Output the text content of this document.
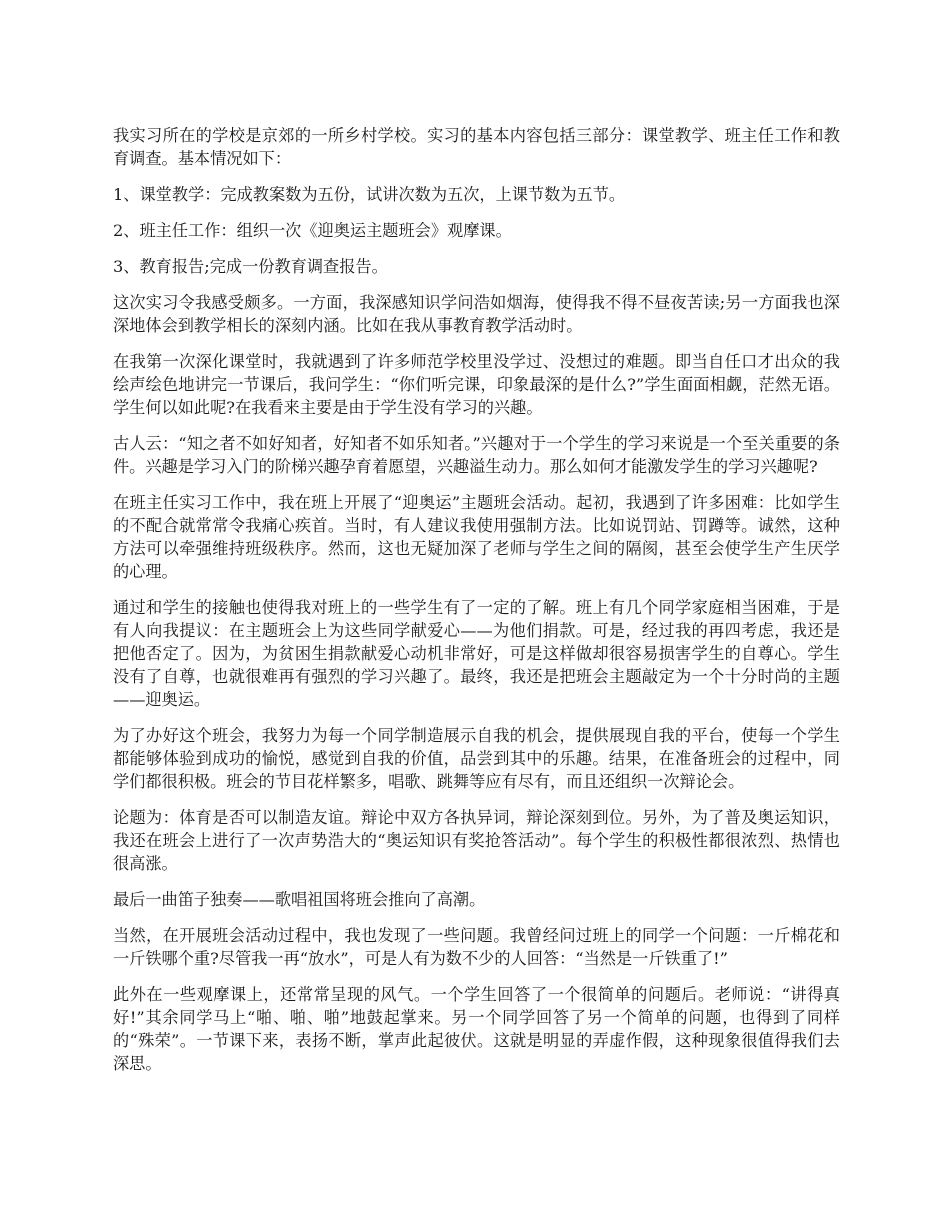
我实习所在的学校是京郊的一所乡村学校。实习的基本内容包括三部分：课堂教学、班主任工作和教育调查。基本情况如下：

1、课堂教学：完成教案数为五份，试讲次数为五次，上课节数为五节。

2、班主任工作：组织一次《迎奥运主题班会》观摩课。

3、教育报告;完成一份教育调查报告。

这次实习令我感受颇多。一方面，我深感知识学问浩如烟海，使得我不得不昼夜苦读;另一方面我也深深地体会到教学相长的深刻内涵。比如在我从事教育教学活动时。

在我第一次深化课堂时，我就遇到了许多师范学校里没学过、没想过的难题。即当自任口才出众的我绘声绘色地讲完一节课后，我问学生：“你们听完课，印象最深的是什么?”学生面面相觑，茫然无语。学生何以如此呢?在我看来主要是由于学生没有学习的兴趣。

古人云：“知之者不如好知者，好知者不如乐知者。”兴趣对于一个学生的学习来说是一个至关重要的条件。兴趣是学习入门的阶梯兴趣孕育着愿望，兴趣溢生动力。那么如何才能激发学生的学习兴趣呢?

在班主任实习工作中，我在班上开展了“迎奥运”主题班会活动。起初，我遇到了许多困难：比如学生的不配合就常常令我痛心疾首。当时，有人建议我使用强制方法。比如说罚站、罚蹲等。诚然，这种方法可以牵强维持班级秩序。然而，这也无疑加深了老师与学生之间的隔阂，甚至会使学生产生厌学的心理。

通过和学生的接触也使得我对班上的一些学生有了一定的了解。班上有几个同学家庭相当困难，于是有人向我提议：在主题班会上为这些同学献爱心——为他们捐款。可是，经过我的再四考虑，我还是把他否定了。因为，为贫困生捐款献爱心动机非常好，可是这样做却很容易损害学生的自尊心。学生没有了自尊，也就很难再有强烈的学习兴趣了。最终，我还是把班会主题敲定为一个十分时尚的主题——迎奥运。

为了办好这个班会，我努力为每一个同学制造展示自我的机会，提供展现自我的平台，使每一个学生都能够体验到成功的愉悦，感觉到自我的价值，品尝到其中的乐趣。结果，在准备班会的过程中，同学们都很积极。班会的节目花样繁多，唱歌、跳舞等应有尽有，而且还组织一次辩论会。

论题为：体育是否可以制造友谊。辩论中双方各执异词，辩论深刻到位。另外，为了普及奥运知识，我还在班会上进行了一次声势浩大的“奥运知识有奖抢答活动”。每个学生的积极性都很浓烈、热情也很高涨。

最后一曲笛子独奏——歌唱祖国将班会推向了高潮。

当然，在开展班会活动过程中，我也发现了一些问题。我曾经问过班上的同学一个问题：一斤棉花和一斤铁哪个重?尽管我一再“放水”，可是人有为数不少的人回答：“当然是一斤铁重了!”

此外在一些观摩课上，还常常呈现的风气。一个学生回答了一个很简单的问题后。老师说：“讲得真好!”其余同学马上“啪、啪、啪”地鼓起掌来。另一个同学回答了另一个简单的问题，也得到了同样的“殊荣”。一节课下来，表扬不断，掌声此起彼伏。这就是明显的弄虚作假，这种现象很值得我们去深思。
